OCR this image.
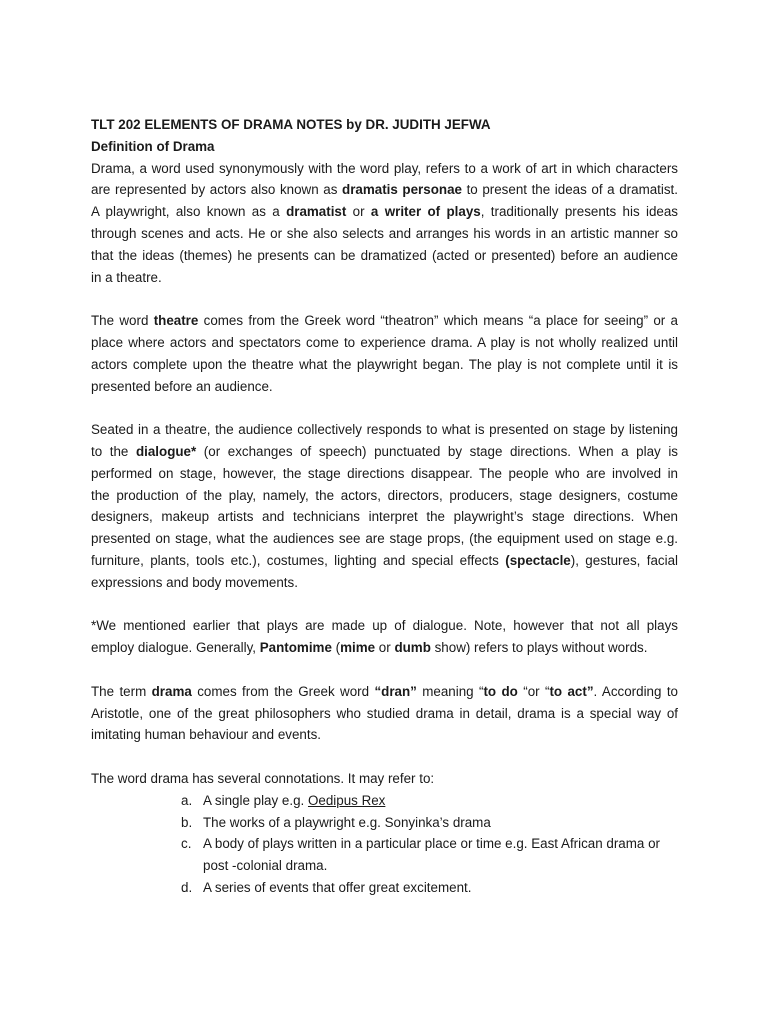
TLT 202 ELEMENTS OF DRAMA NOTES by DR. JUDITH JEFWA
Definition of Drama
Drama, a word used synonymously with the word play, refers to a work of art in which characters
are represented by actors also known as dramatis personae to present the ideas of a dramatist.
A playwright, also known as a dramatist or a writer of plays, traditionally presents his ideas
through scenes and acts. He or she also selects and arranges his words in an artistic manner so
that the ideas (themes) he presents can be dramatized (acted or presented) before an audience
in a theatre.
The word theatre comes from the Greek word “theatron” which means “a place for seeing” or a
place where actors and spectators come to experience drama. A play is not wholly realized until
actors complete upon the theatre what the playwright began. The play is not complete until it is
presented before an audience.
Seated in a theatre, the audience collectively responds to what is presented on stage by listening
to the dialogue* (or exchanges of speech) punctuated by stage directions. When a play is
performed on stage, however, the stage directions disappear. The people who are involved in
the production of the play, namely, the actors, directors, producers, stage designers, costume
designers, makeup artists and technicians interpret the playwright’s stage directions. When
presented on stage, what the audiences see are stage props, (the equipment used on stage e.g.
furniture, plants, tools etc.), costumes, lighting and special effects (spectacle), gestures, facial
expressions and body movements.
*We mentioned earlier that plays are made up of dialogue. Note, however that not all plays
employ dialogue. Generally, Pantomime (mime or dumb show) refers to plays without words.
The term drama comes from the Greek word “dran” meaning “to do “or “to act”. According to
Aristotle, one of the great philosophers who studied drama in detail, drama is a special way of
imitating human behaviour and events.
The word drama has several connotations. It may refer to:
a. A single play e.g. Oedipus Rex
b. The works of a playwright e.g. Sonyinka’s drama
c. A body of plays written in a particular place or time e.g. East African drama or
post -colonial drama.
d. A series of events that offer great excitement.
